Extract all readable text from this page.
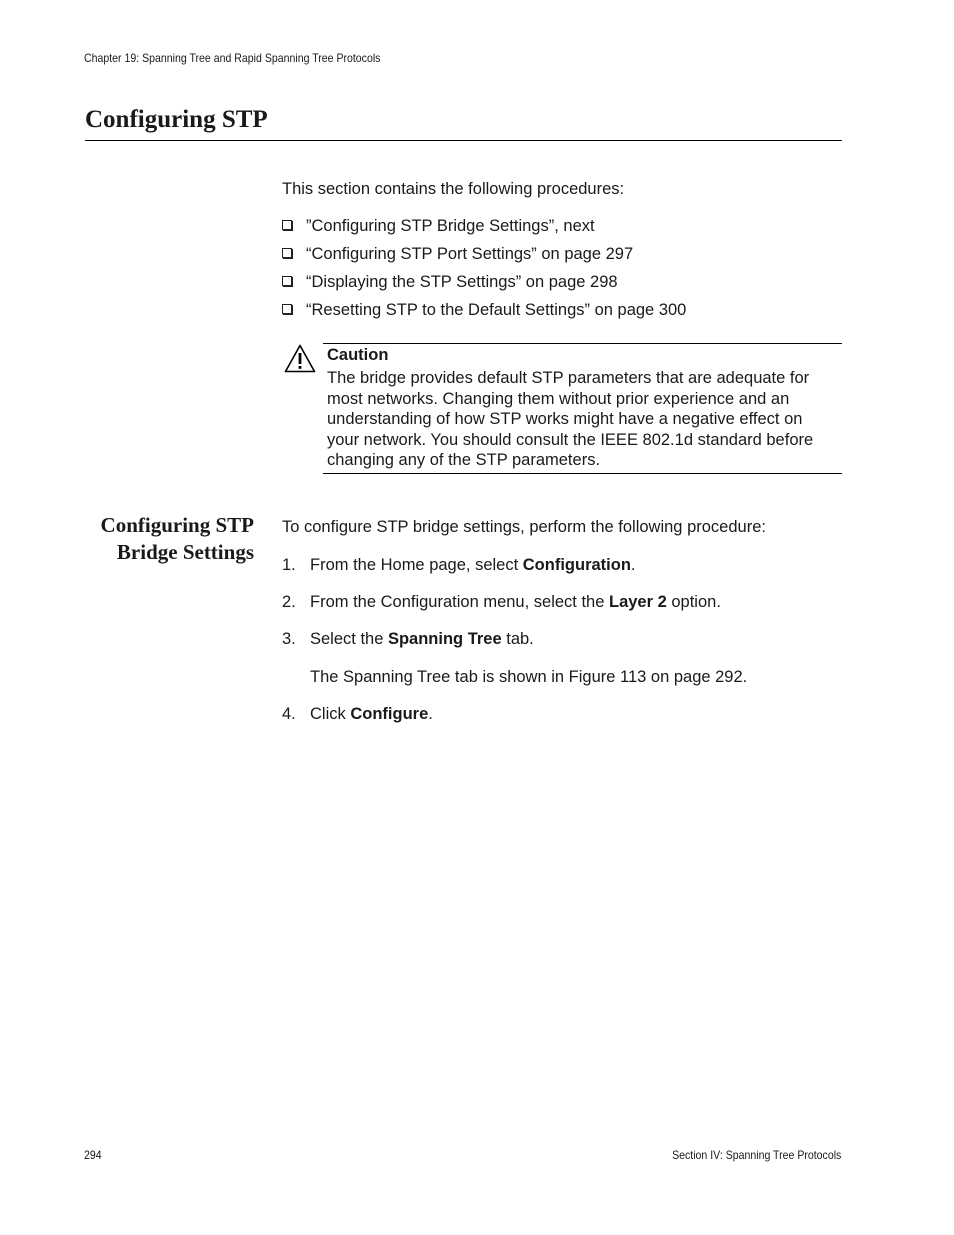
Chapter 19: Spanning Tree and Rapid Spanning Tree Protocols
Configuring STP
This section contains the following procedures:
”Configuring STP Bridge Settings”, next
“Configuring STP Port Settings” on page 297
“Displaying the STP Settings” on page 298
“Resetting STP to the Default Settings” on page 300
Caution
The bridge provides default STP parameters that are adequate for
most networks. Changing them without prior experience and an
understanding of how STP works might have a negative effect on
your network. You should consult the IEEE 802.1d standard before
changing any of the STP parameters.
Configuring STP
Bridge Settings
To configure STP bridge settings, perform the following procedure:
1. From the Home page, select Configuration.
2. From the Configuration menu, select the Layer 2 option.
3. Select the Spanning Tree tab.
The Spanning Tree tab is shown in Figure 113 on page 292.
4. Click Configure.
294	Section IV: Spanning Tree Protocols
